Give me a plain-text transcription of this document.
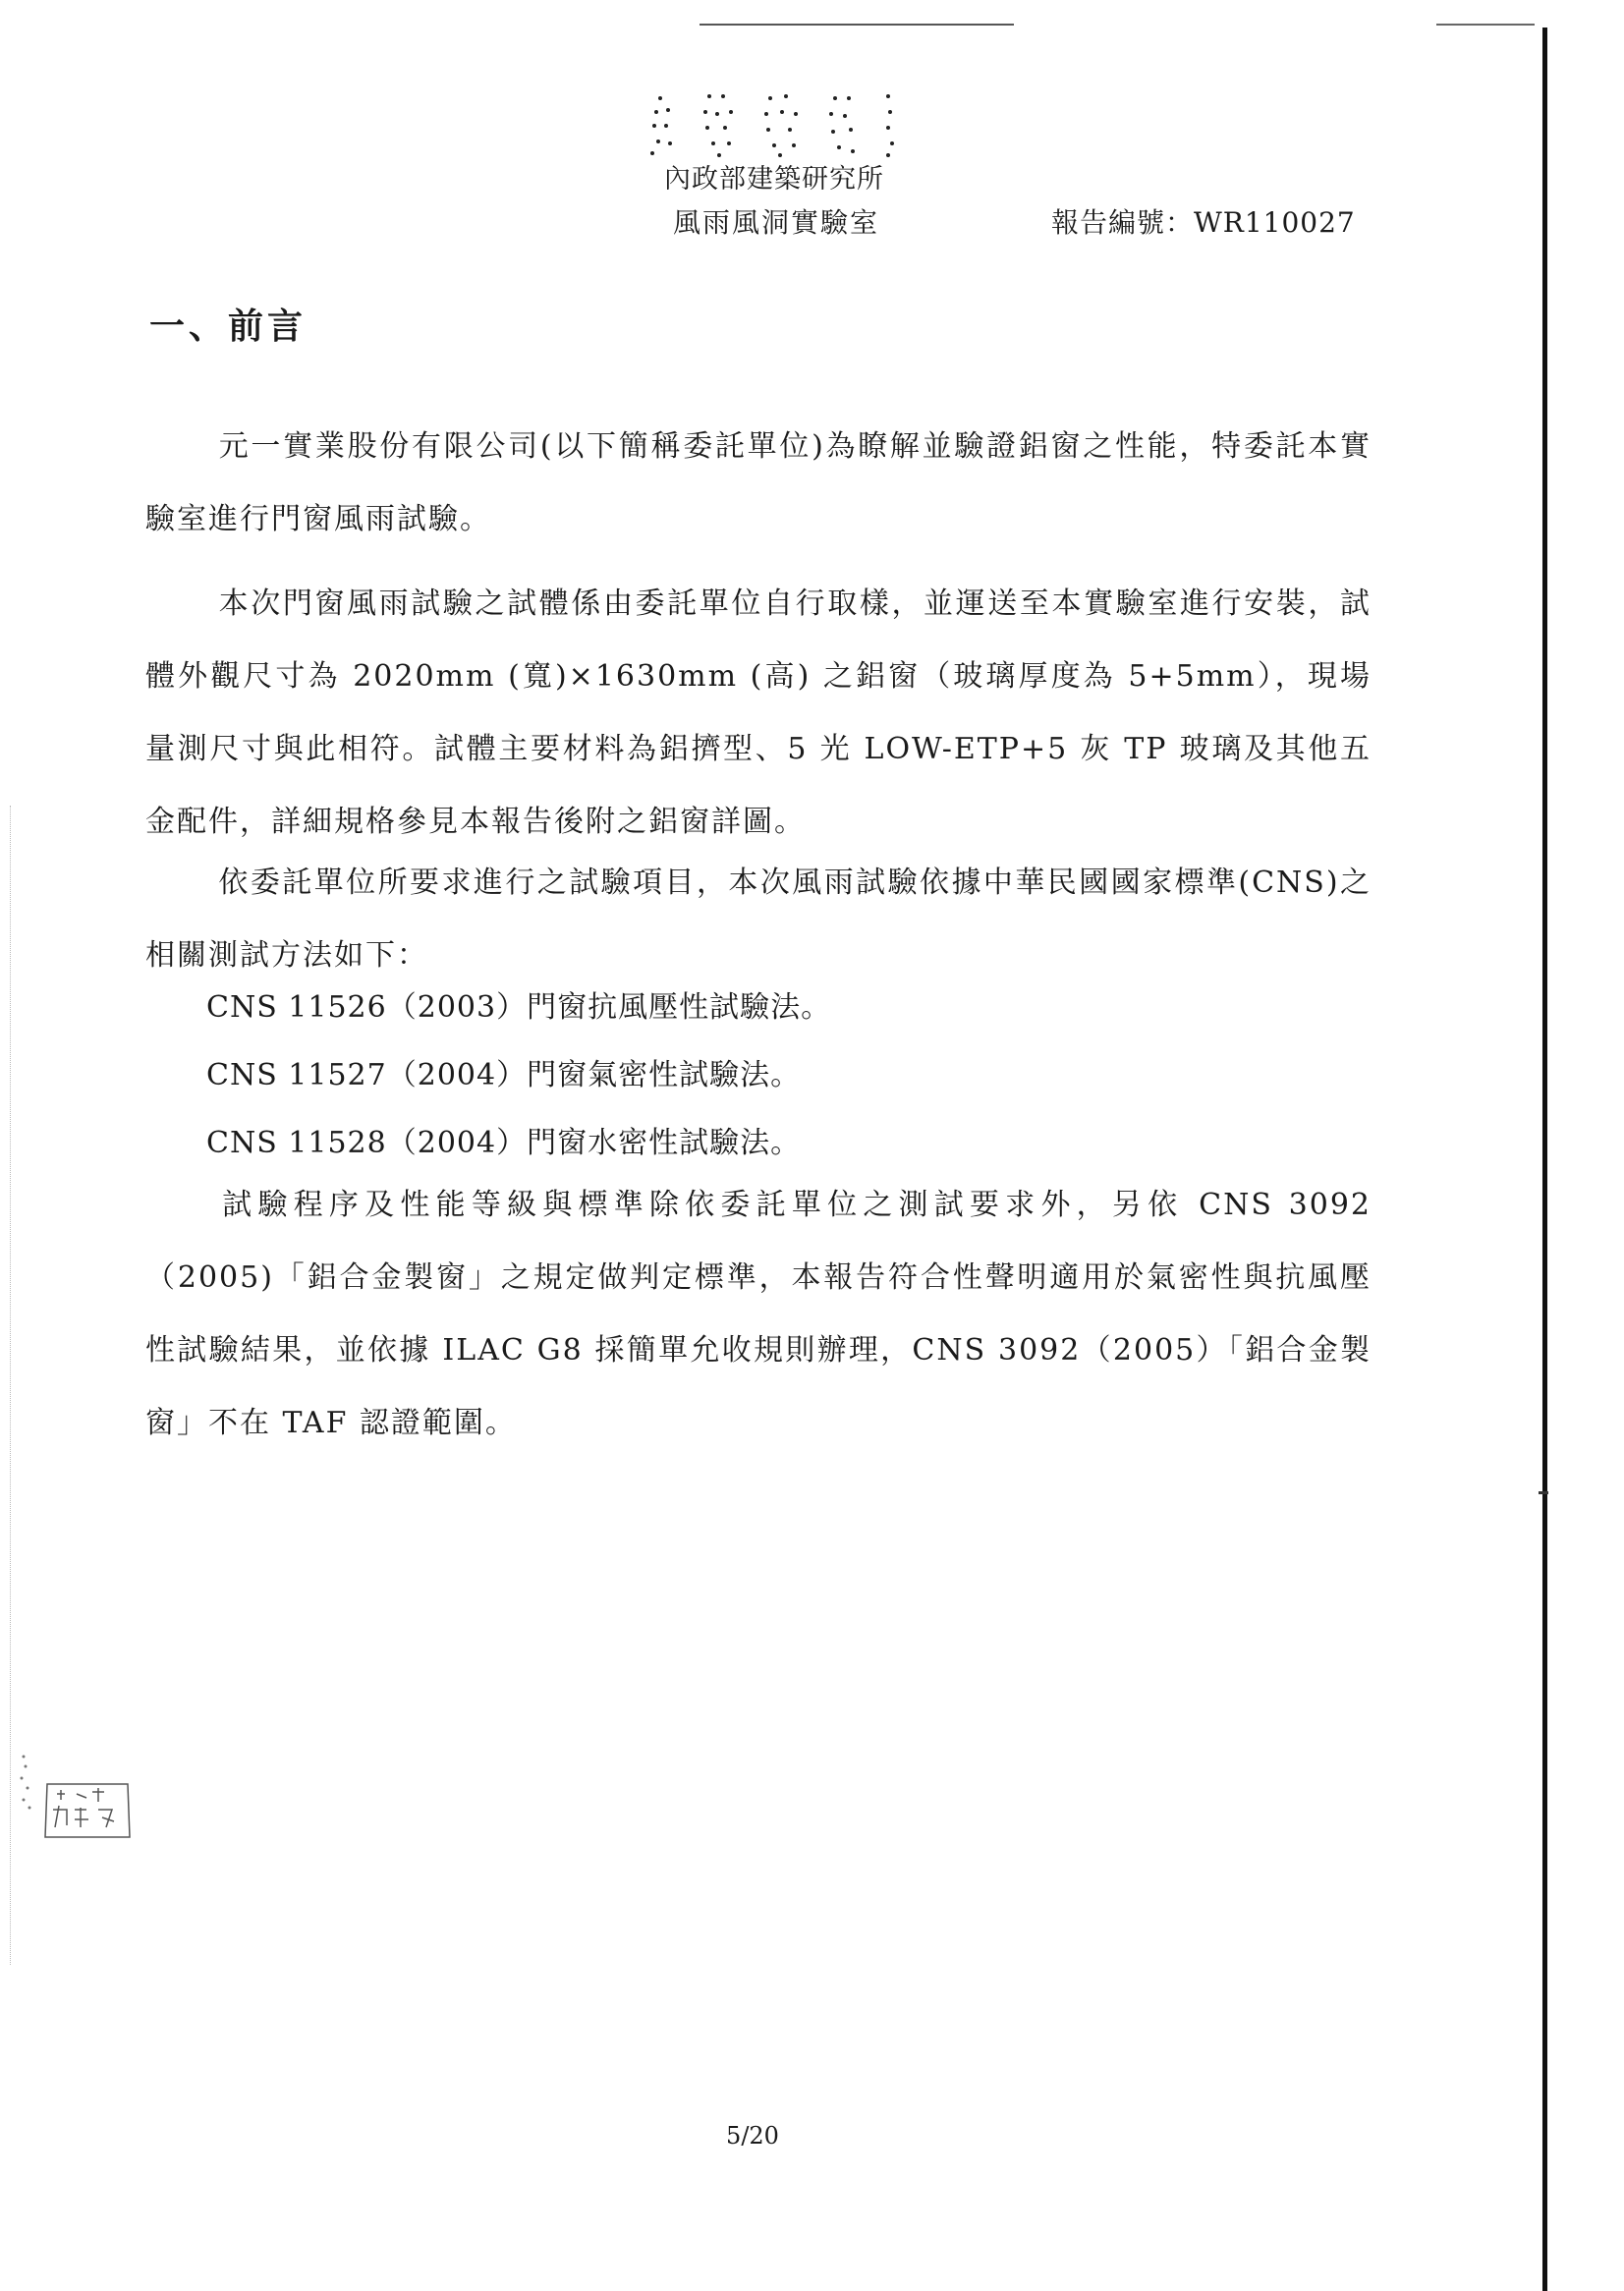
內政部建築研究所
風雨風洞實驗室	報告編號：WR110027
一、前言
元一實業股份有限公司(以下簡稱委託單位)為瞭解並驗證鋁窗之性能，特委託本實驗室進行門窗風雨試驗。
本次門窗風雨試驗之試體係由委託單位自行取樣，並運送至本實驗室進行安裝，試體外觀尺寸為 2020mm (寬)×1630mm (高) 之鋁窗（玻璃厚度為 5+5mm），現場量測尺寸與此相符。試體主要材料為鋁擠型、5 光 LOW-ETP+5 灰 TP 玻璃及其他五金配件，詳細規格參見本報告後附之鋁窗詳圖。
依委託單位所要求進行之試驗項目，本次風雨試驗依據中華民國國家標準(CNS)之相關測試方法如下：
CNS 11526（2003）門窗抗風壓性試驗法。
CNS 11527（2004）門窗氣密性試驗法。
CNS 11528（2004）門窗水密性試驗法。
試驗程序及性能等級與標準除依委託單位之測試要求外，另依 CNS 3092（2005)「鋁合金製窗」之規定做判定標準，本報告符合性聲明適用於氣密性與抗風壓性試驗結果，並依據 ILAC G8 採簡單允收規則辦理，CNS 3092（2005）「鋁合金製窗」不在 TAF 認證範圍。
5/20
